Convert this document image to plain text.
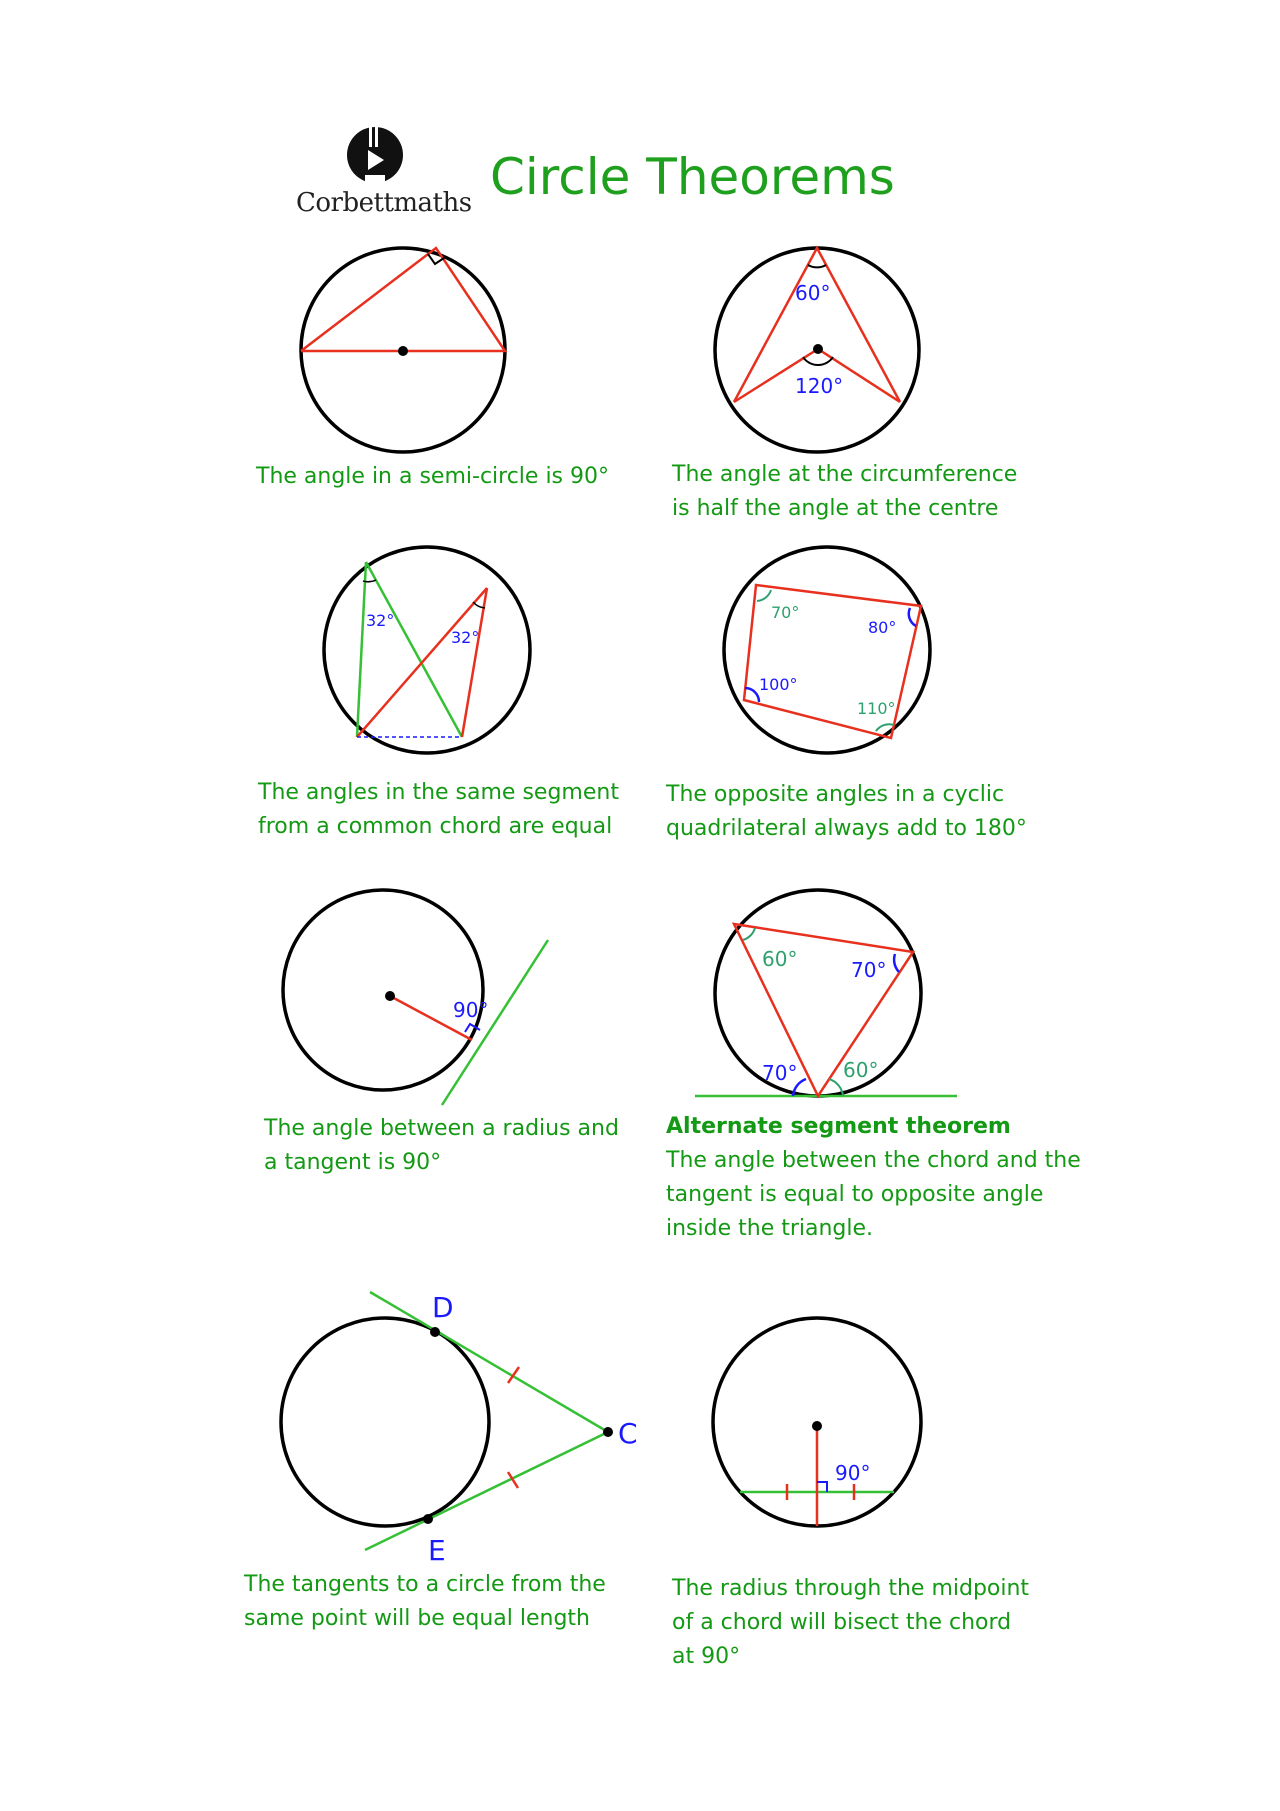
60°
120°
32°
32°
70°
80°
100°
110°
90°
60°	70°
70° 60°
D
C
E
90°
Corbettmaths Circle Theorems
The angle in a semi-circle is 90°	The angle at the circumference
is half the angle at the centre
The angles in the same segment
from a common chord are equal
The opposite angles in a cyclic
quadrilateral always add to 180°
The angle between a radius and
a tangent is 90°
Alternate segment theorem
The angle between the chord and the
tangent is equal to opposite angle
inside the triangle.
The tangents to a circle from the
same point will be equal length
The radius through the midpoint
of a chord will bisect the chord
at 90°
